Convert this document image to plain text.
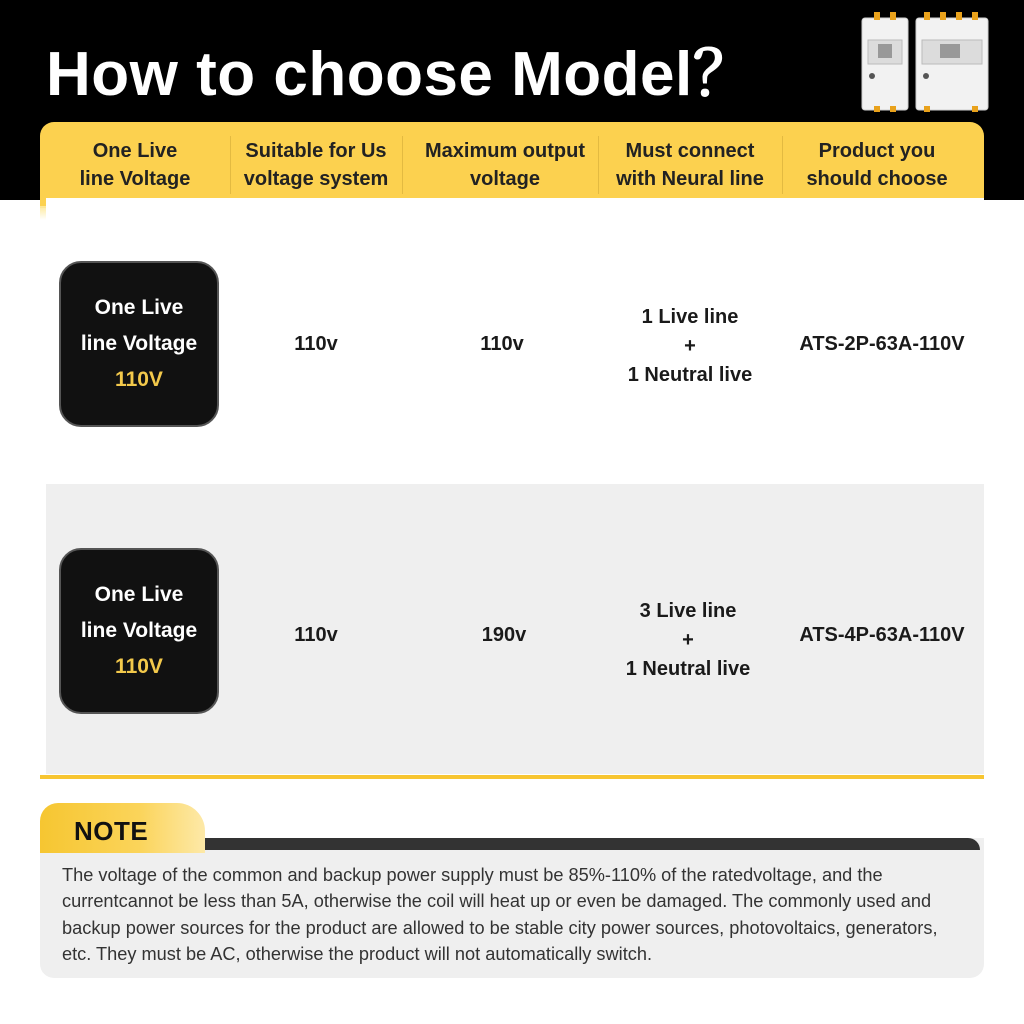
How to choose Model？
One Live
line Voltage
Suitable for Us
voltage system
Maximum output
voltage
Must connect
with Neural line
Product you
should choose
One Live
line Voltage
110V
110v	110v
1 Live line
+
1 Neutral live
ATS-2P-63A-110V
One Live
line Voltage
110V
110v	190v
3 Live line
+
1 Neutral live
ATS-4P-63A-110V
NOTE
The voltage of the common and backup power supply must be 85%-110% of the ratedvoltage, and the currentcannot be less than 5A, otherwise the coil will heat up or even be damaged. The commonly used and backup power sources for the product are allowed to be stable city power sources, photovoltaics, generators, etc. They must be AC, otherwise the product will not automatically switch.
